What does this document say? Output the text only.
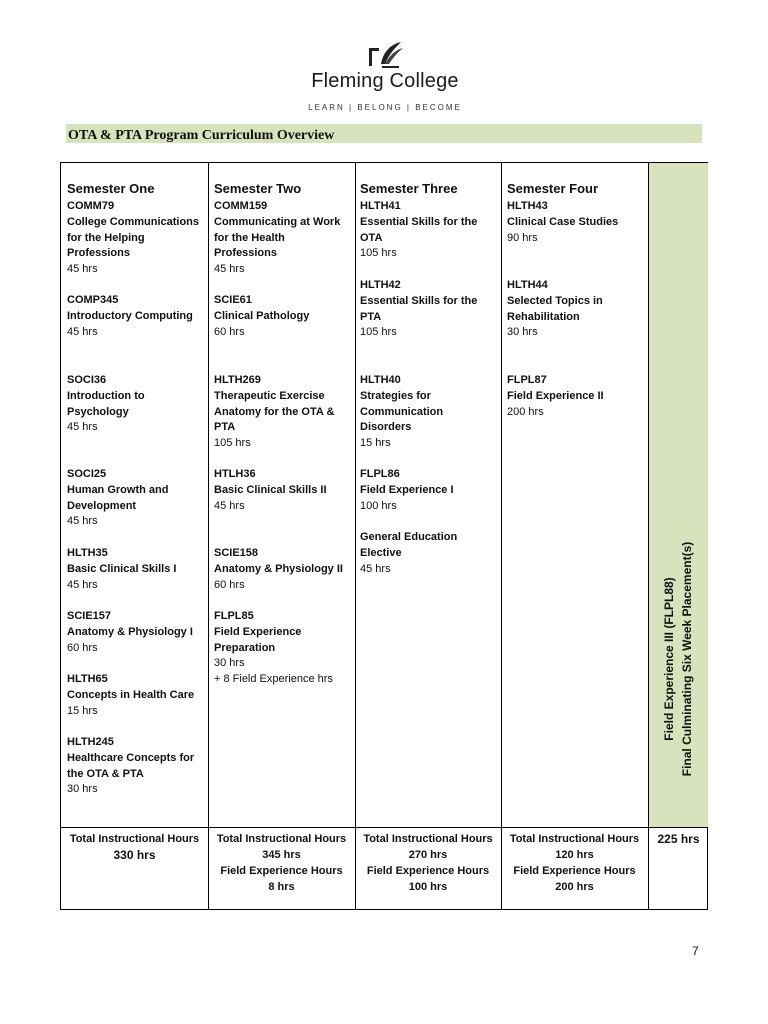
Fleming College
LEARN | BELONG | BECOME
OTA & PTA Program Curriculum Overview
Field Experience III (FLPL88) Final Culminating Six Week Placement(s)
Semester One
COMM79
College Communications
for the Helping
Professions
45 hrs
COMP345
Introductory Computing
45 hrs
SOCI36
Introduction to
Psychology
45 hrs
SOCI25
Human Growth and
Development
45 hrs
HLTH35
Basic Clinical Skills I
45 hrs
SCIE157
Anatomy & Physiology I
60 hrs
HLTH65
Concepts in Health Care
15 hrs
HLTH245
Healthcare Concepts for
the OTA & PTA
30 hrs
Semester Two
COMM159
Communicating at Work
for the Health
Professions
45 hrs
SCIE61
Clinical Pathology
60 hrs
HLTH269
Therapeutic Exercise
Anatomy for the OTA &
PTA
105 hrs
HTLH36
Basic Clinical Skills II
45 hrs
SCIE158
Anatomy & Physiology II
60 hrs
FLPL85
Field Experience
Preparation
30 hrs
+ 8 Field Experience hrs
Semester Three
HLTH41
Essential Skills for the
OTA
105 hrs
HLTH42
Essential Skills for the
PTA
105 hrs
HLTH40
Strategies for
Communication
Disorders
15 hrs
FLPL86
Field Experience I
100 hrs
General Education
Elective
45 hrs
Semester Four
HLTH43
Clinical Case Studies
90 hrs
HLTH44
Selected Topics in
Rehabilitation
30 hrs
FLPL87
Field Experience II
200 hrs
Total Instructional Hours
330 hrs
Total Instructional Hours
345 hrs
Field Experience Hours
8 hrs
Total Instructional Hours
270 hrs
Field Experience Hours
100 hrs
Total Instructional Hours
120 hrs
Field Experience Hours
200 hrs
225 hrs
7
